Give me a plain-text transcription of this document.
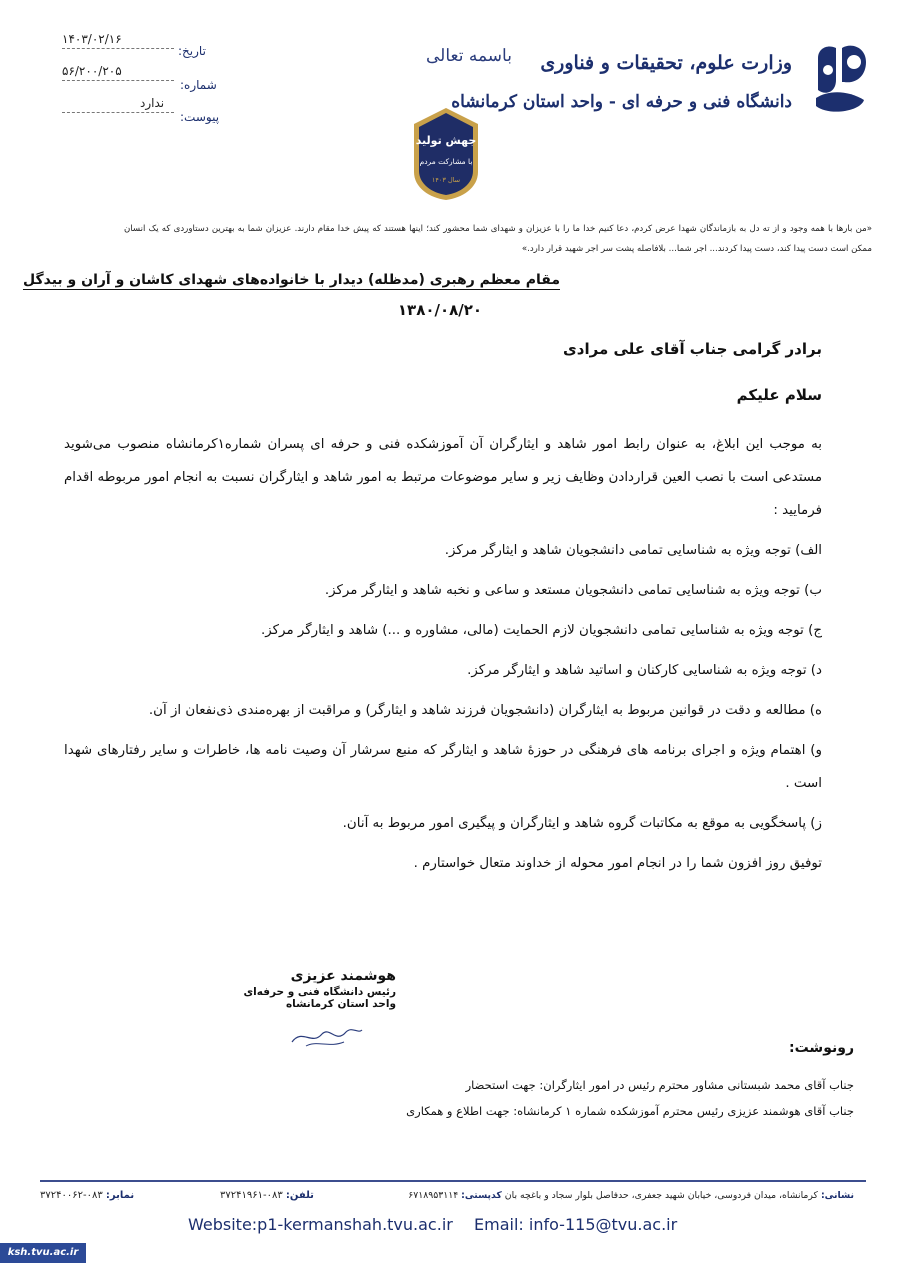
وزارت علوم، تحقیقات و فناوری
دانشگاه فنی و حرفه ای - واحد استان کرمانشاه
باسمه تعالی
جهش تولید
با مشارکت مردم
سال ۱۴۰۳
تاریخ:
۱۴۰۳/۰۲/۱۶
شماره:
۵۶/۲۰۰/۲۰۵
پیوست:
ندارد
«من بارها با همه وجود و از ته دل به بازماندگان شهدا عرض کردم، دعا کنیم خدا ما را با عزیزان و شهدای شما محشور کند؛ اینها هستند که پیش خدا مقام دارند. عزیزان شما به بهترین دستاوردی که یک انسان ممکن است دست پیدا کند، دست پیدا کردند... اجر شما... بلافاصله پشت سر اجر شهید قرار دارد.»
مقام معظم رهبری (مدظله) دیدار با خانواده‌های شهدای کاشان و آران و بیدگل
۱۳۸۰/۰۸/۲۰
برادر گرامی جناب آقای علی مرادی
سلام علیکم

به موجب این ابلاغ، به عنوان رابط امور شاهد و ایثارگران آن آموزشکده فنی و حرفه ای پسران شماره۱کرمانشاه منصوب می‌شوید مستدعی است با نصب العین قراردادن وظایف زیر و سایر موضوعات مرتبط به امور شاهد و ایثارگران نسبت به انجام امور مربوطه اقدام فرمایید :

الف) توجه ویژه به شناسایی تمامی دانشجویان شاهد و ایثارگر مرکز.

ب) توجه ویژه به شناسایی تمامی دانشجویان مستعد و ساعی و نخبه شاهد و ایثارگر مرکز.

ج) توجه ویژه به شناسایی تمامی دانشجویان لازم الحمایت (مالی، مشاوره و ...) شاهد و ایثارگر مرکز.

د) توجه ویژه به شناسایی کارکنان و اساتید شاهد و ایثارگر مرکز.

ه) مطالعه و دقت در قوانین مربوط به ایثارگران (دانشجویان فرزند شاهد و ایثارگر) و مراقبت از بهره‌مندی ذی‌نفعان از آن.

و) اهتمام ویژه و اجرای برنامه های فرهنگی در حوزۀ شاهد و ایثارگر که منبع سرشار آن وصیت نامه ها، خاطرات و سایر رفتارهای شهدا است .

ز) پاسخگویی به موقع به مکاتبات گروه شاهد و ایثارگران و پیگیری امور مربوط به آنان.

توفیق روز افزون شما را در انجام امور محوله از خداوند متعال خواستارم .

هوشمند عزیزی
رئیس دانشگاه فنی و حرفه‌ای
واحد استان کرمانشاه
رونوشت:
جناب آقای محمد شبستانی مشاور محترم رئیس در امور ایثارگران: جهت استحضار
جناب آقای هوشمند عزیزی رئیس محترم آموزشکده شماره ۱ کرمانشاه: جهت اطلاع و همکاری
نشانی: کرمانشاه، میدان فردوسی، خیابان شهید جعفری، حدفاصل بلوار سجاد و باغچه بان کدپستی: ۶۷۱۸۹۵۳۱۱۴
تلفن: ۰۸۳-۳۷۲۴۱۹۶۱
نمابر: ۰۸۳-۳۷۲۴۰۰۶۲
Website:p1-kermanshah.tvu.ac.ir Email: info-115@tvu.ac.ir
ksh.tvu.ac.ir
